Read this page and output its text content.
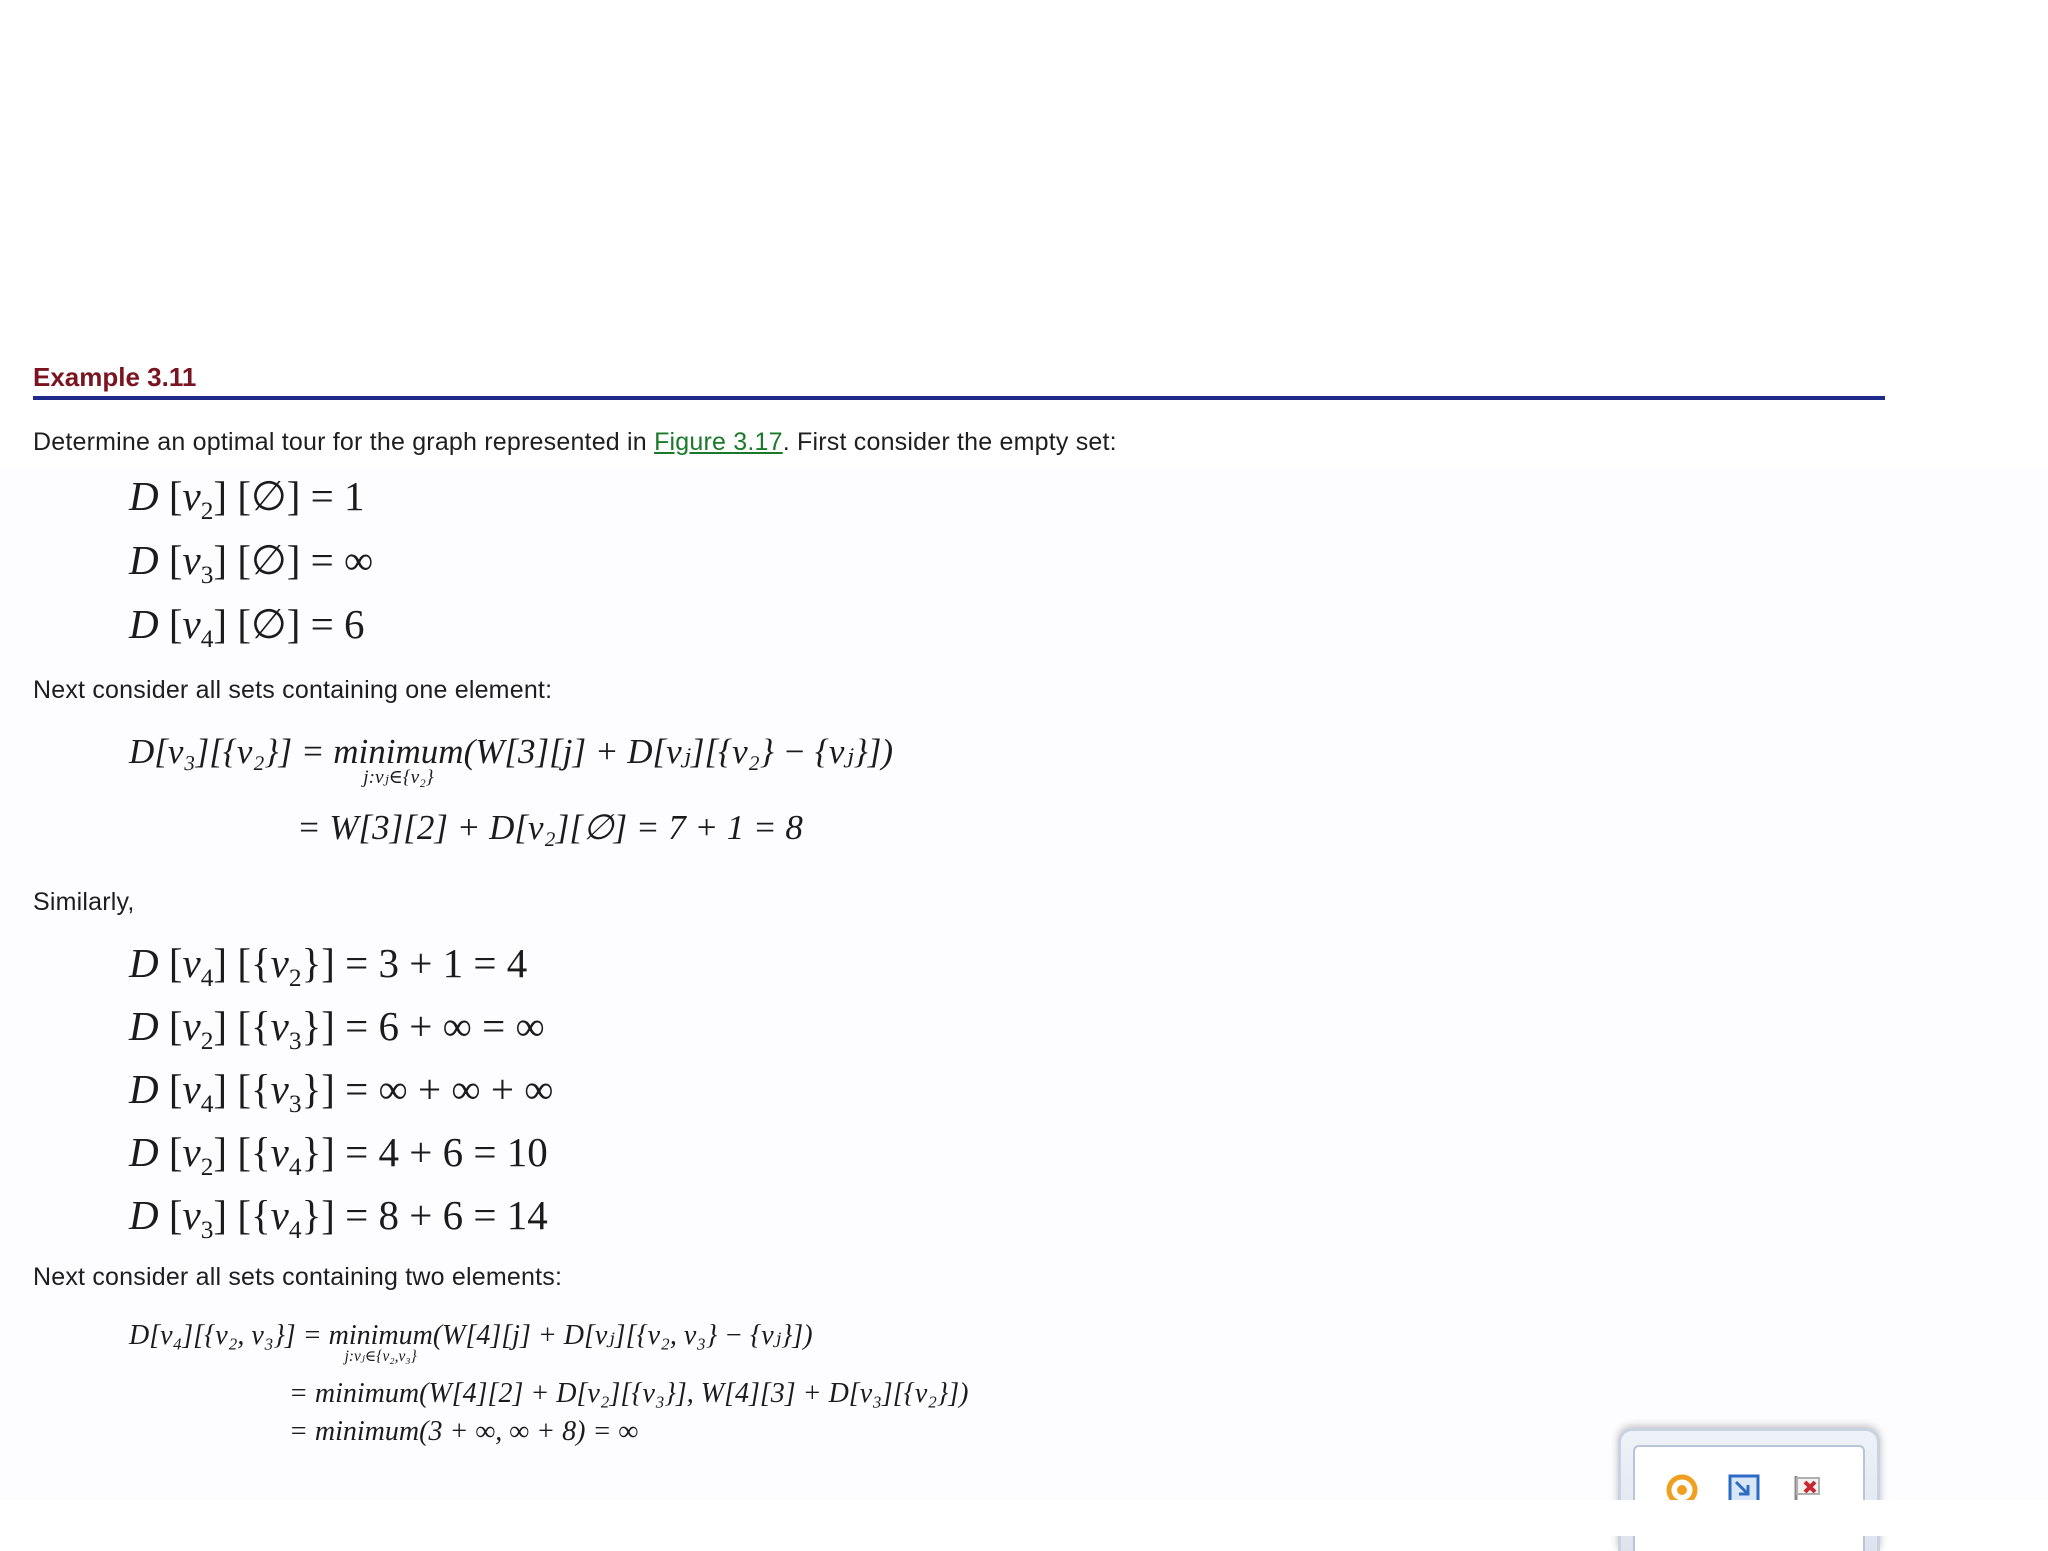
Example 3.11
Determine an optimal tour for the graph represented in Figure 3.17. First consider the empty set:
D $[v_2]$ [∅] = 1
D $[v_3]$ [∅] = ∞
D $[v_4]$ [∅] = 6
Next consider all sets containing one element:
D[v₃][{v₂}] = minimum
j:vⱼ∈{v₂}
(W[3][j] + D[vⱼ][{v₂} − {vⱼ}])
= W[3][2] + D[v₂][∅] = 7 + 1 = 8
Similarly,
D $[v_4] [\{v_2\}] = 3 + 1 = 4$
D $[v_2] [\{v_3\}] = 6$ + ∞ = ∞
D $[v_4] [\{v_3\}]$ = ∞ + ∞ + ∞
D $[v_2] [\{v_4\}] = 4 + 6 = 10$
D $[v_3] [\{v_4\}] = 8 + 6 = 14$
Next consider all sets containing two elements:
D[v₄][{v₂, v₃}] = minimum
j:vⱼ∈{v₂,v₃}
(W[4][j] + D[vⱼ][{v₂, v₃} − {vⱼ}])
= minimum(W[4][2] + D[v₂][{v₃}], W[4][3] + D[v₃][{v₂}])
= minimum(3 + ∞, ∞ + 8) = ∞
